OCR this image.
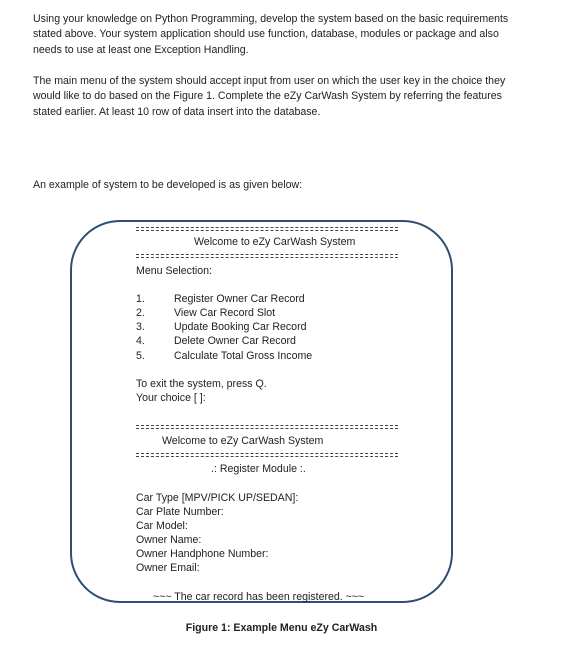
Using your knowledge on Python Programming, develop the system based on the basic requirements stated above. Your system application should use function, database, modules or package and also needs to use at least one Exception Handling.

The main menu of the system should accept input from user on which the user key in the choice they would like to do based on the Figure 1. Complete the eZy CarWash System by referring the features stated earlier. At least 10 row of data insert into the database.

An example of system to be developed is as given below:

Welcome to eZy CarWash System
Menu Selection:
1.	Register Owner Car Record
2.	View Car Record Slot
3.	Update Booking Car Record
4.	Delete Owner Car Record
5.	Calculate Total Gross Income
To exit the system, press Q.
Your choice [ ]:
Welcome to eZy CarWash System
.: Register Module :.
Car Type [MPV/PICK UP/SEDAN]:
Car Plate Number:
Car Model:
Owner Name:
Owner Handphone Number:
Owner Email:
~~~ The car record has been registered. ~~~
Figure 1: Example Menu eZy CarWash
